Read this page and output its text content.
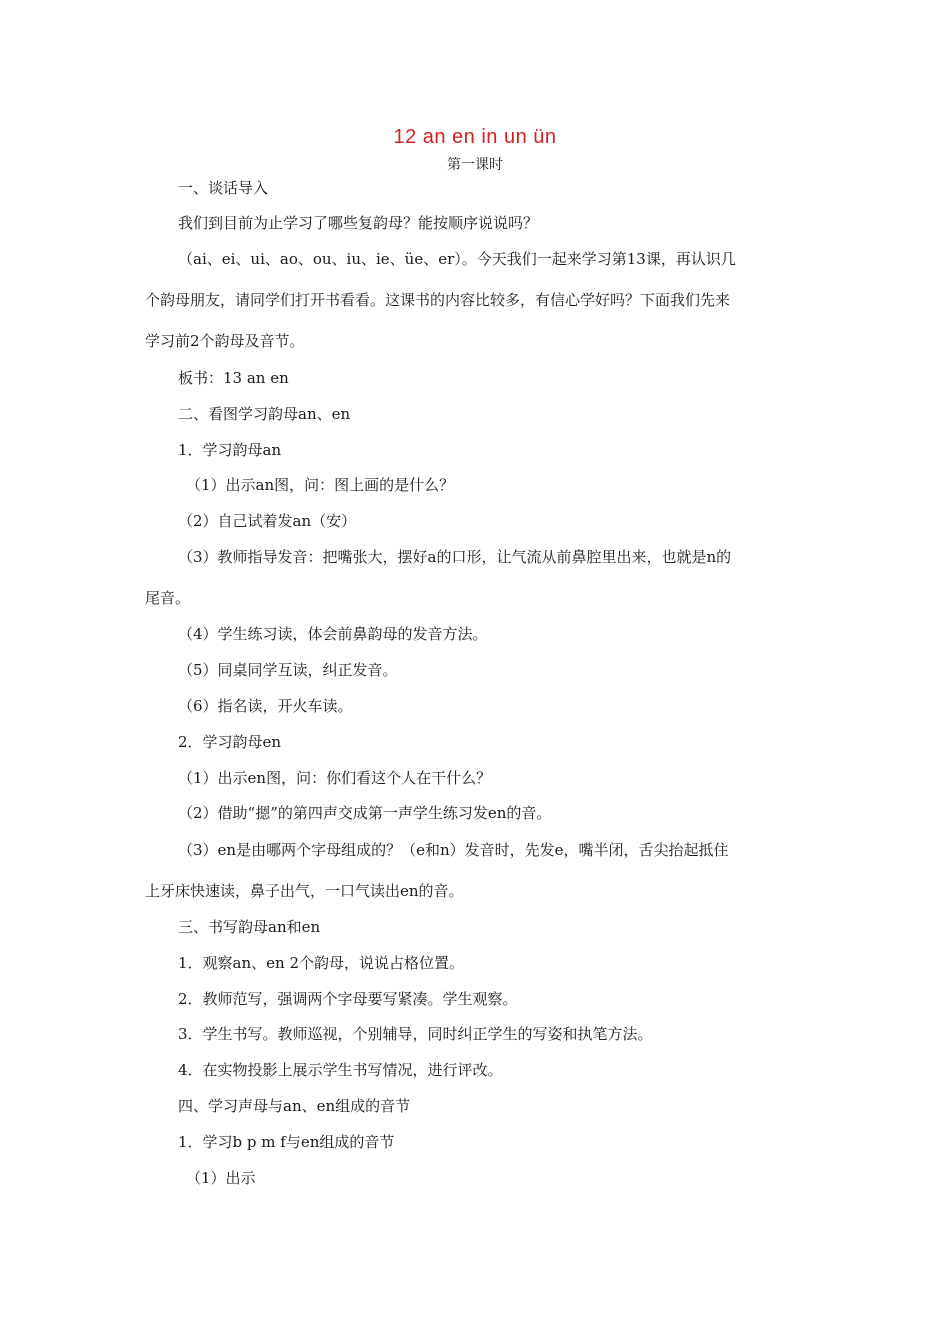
12 an en in un ün
第一课时
一、谈话导入
我们到目前为止学习了哪些复韵母？能按顺序说说吗？
（ai、ei、ui、ao、ou、iu、ie、üe、er）。今天我们一起来学习第13课，再认识几
个韵母朋友，请同学们打开书看看。这课书的内容比较多，有信心学好吗？下面我们先来
学习前2个韵母及音节。
板书：13 an en
二、看图学习韵母an、en
1．学习韵母an
（1）出示an图，问：图上画的是什么？
（2）自己试着发an（安）
（3）教师指导发音：把嘴张大，摆好a的口形，让气流从前鼻腔里出来，也就是n的
尾音。
（4）学生练习读，体会前鼻韵母的发音方法。
（5）同桌同学互读，纠正发音。
（6）指名读，开火车读。
2．学习韵母en
（1）出示en图，问：你们看这个人在干什么？
（2）借助“摁”的第四声交成第一声学生练习发en的音。
（3）en是由哪两个字母组成的？（e和n）发音时，先发e，嘴半闭，舌尖抬起抵住
上牙床快速读，鼻子出气，一口气读出en的音。
三、书写韵母an和en
1．观察an、en 2个韵母，说说占格位置。
2．教师范写，强调两个字母要写紧凑。学生观察。
3．学生书写。教师巡视，个别辅导，同时纠正学生的写姿和执笔方法。
4．在实物投影上展示学生书写情况，进行评改。
四、学习声母与an、en组成的音节
1．学习b p m f与en组成的音节
（1）出示
